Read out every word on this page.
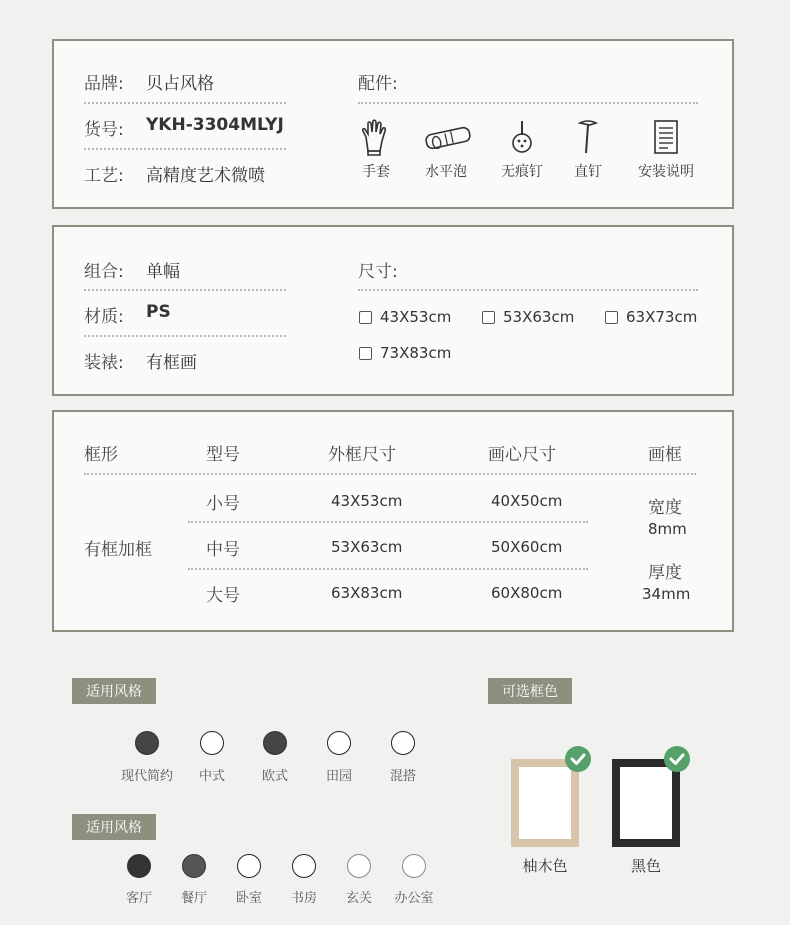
品牌: 贝占风格
货号: YKH-3304MLYJ
工艺: 高精度艺术微喷
配件:
手套	水平泡	无痕钉	直钉	安装说明
组合: 单幅
材质: PS
装裱: 有框画
尺寸:
43X53cm	53X63cm	63X73cm
73X83cm
框形	型号	外框尺寸	画心尺寸	画框
有框加框
小号	43X53cm	40X50cm
中号	53X63cm	50X60cm
大号	63X83cm	60X80cm
宽度
8mm
厚度
34mm
适用风格
现代简约	中式	欧式	田园	混搭
适用风格
客厅	餐厅	卧室	书房	玄关	办公室
可选框色
柚木色	黑色
